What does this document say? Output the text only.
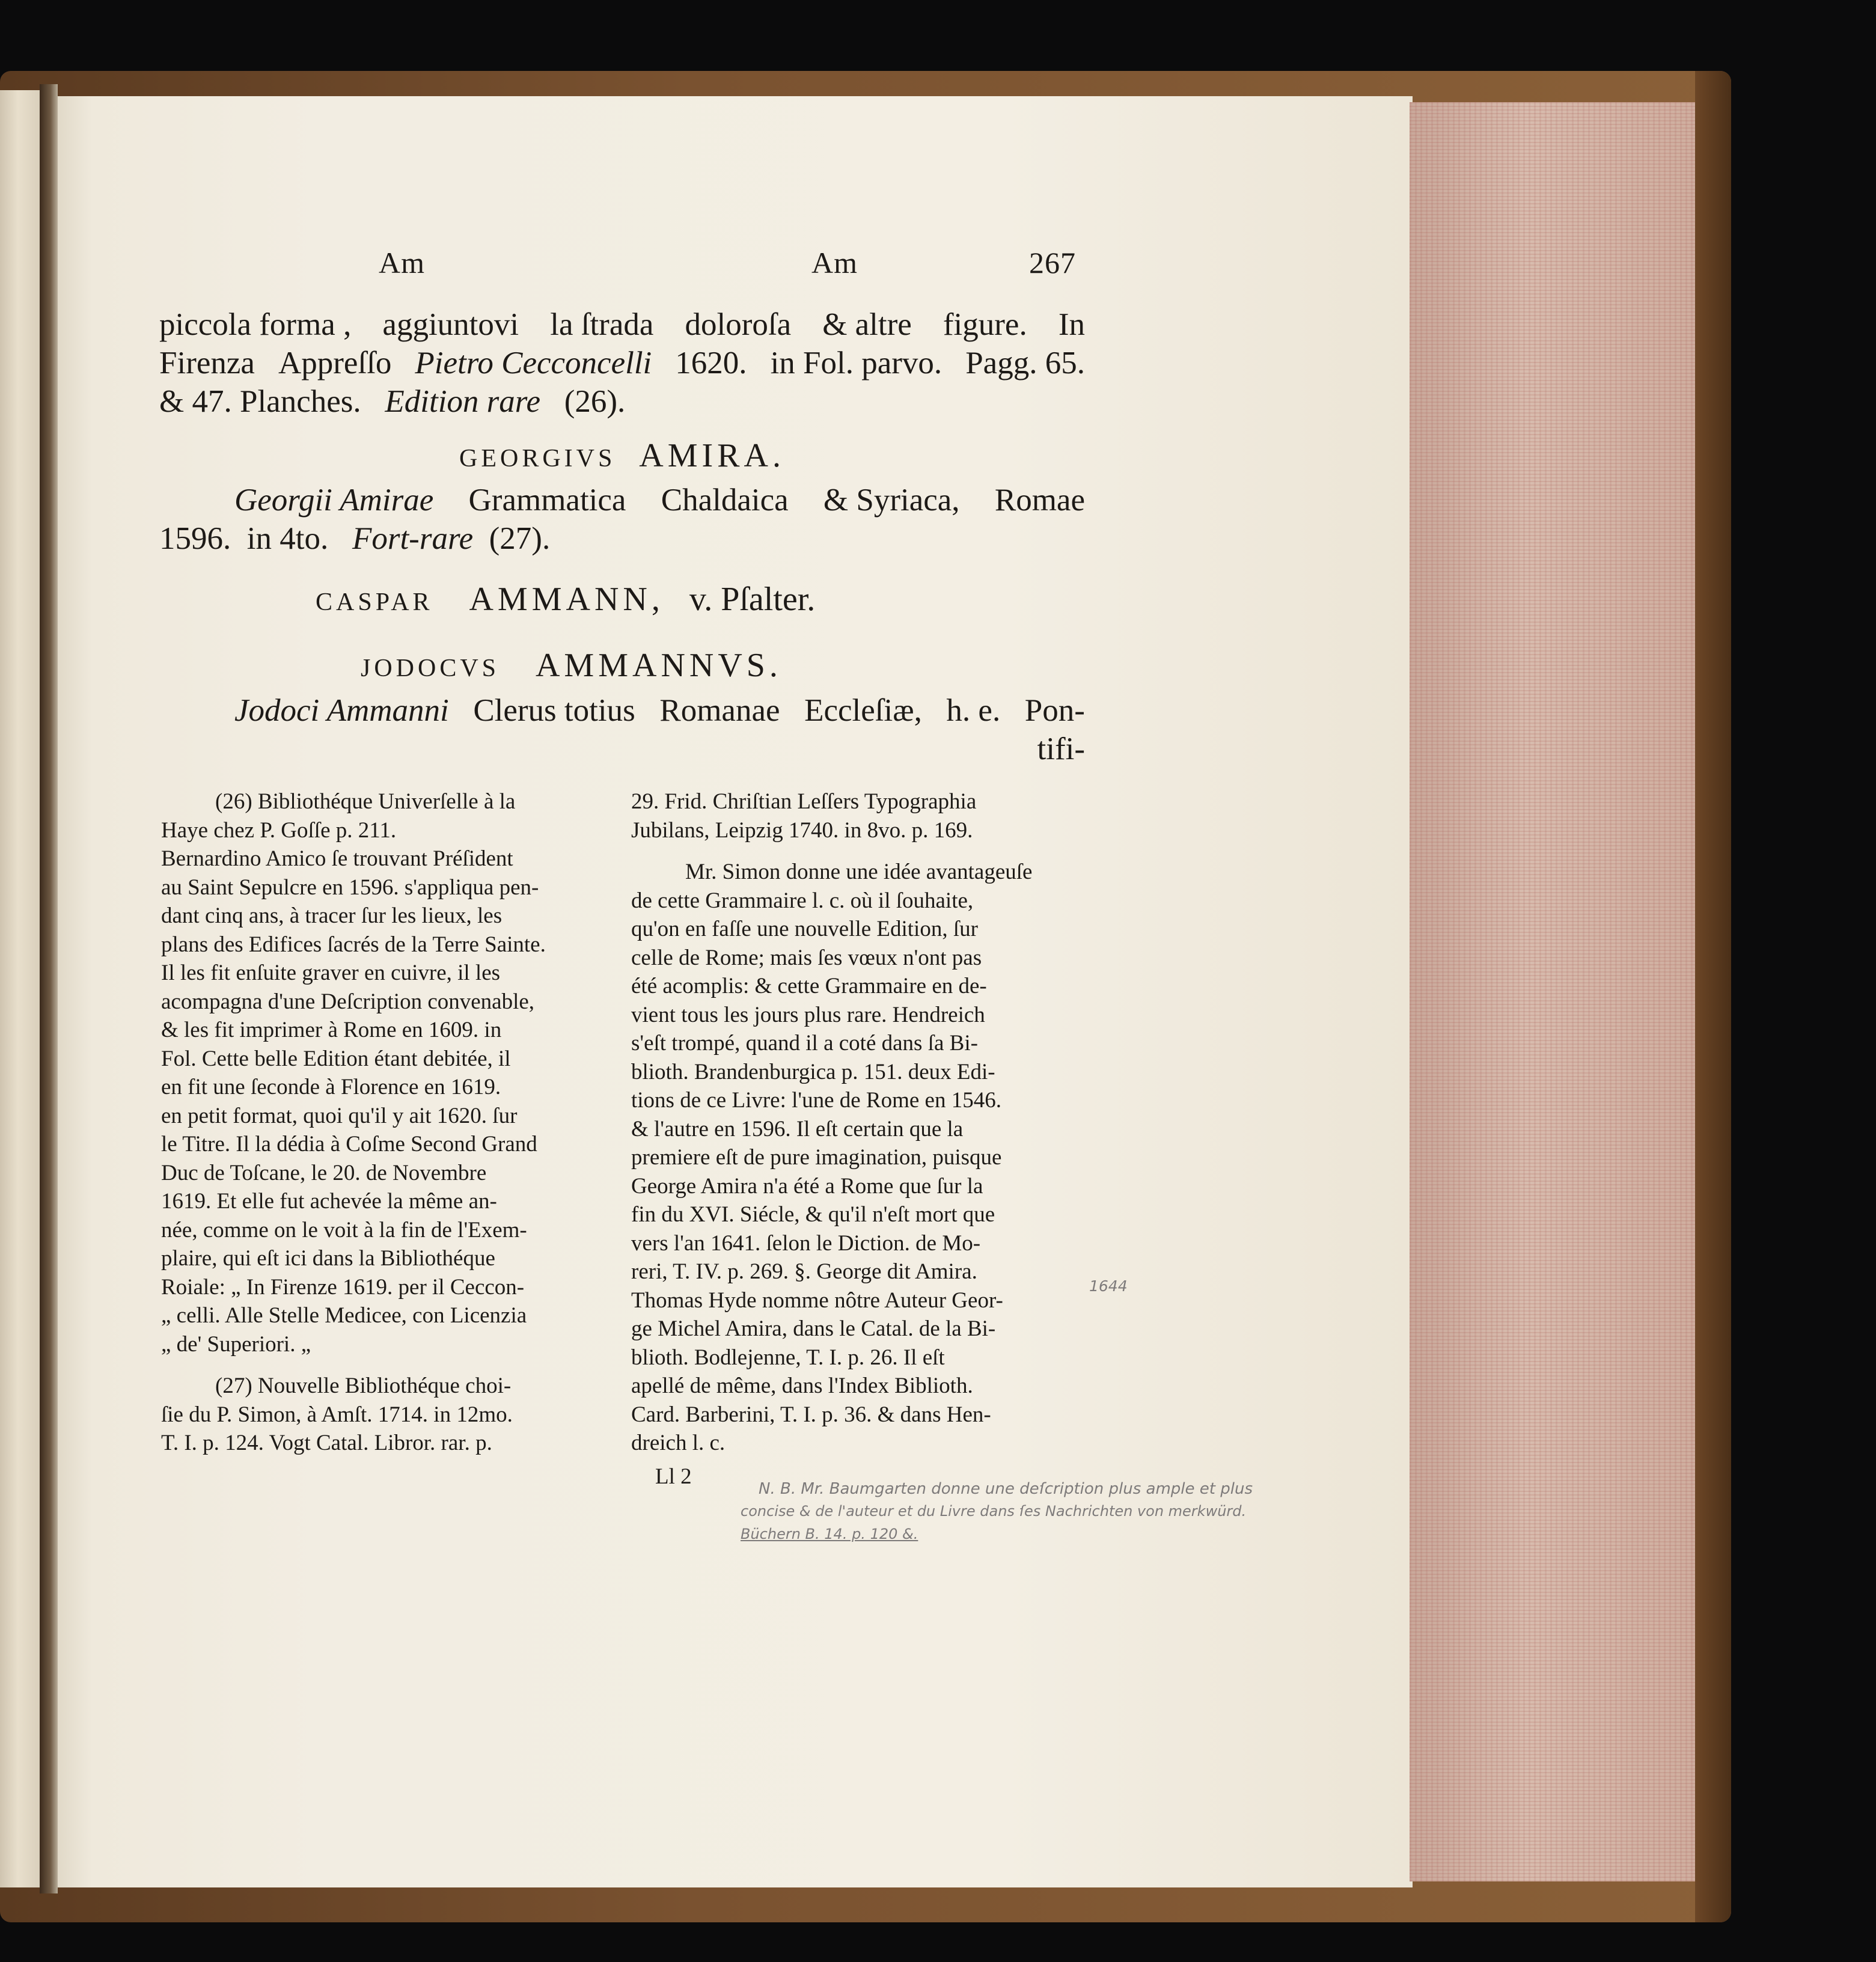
Am	Am	267
piccola forma , aggiuntovi la ſtrada doloroſa & altre figure. In
Firenza Appreſſo Pietro Cecconcelli 1620. in Fol. parvo. Pagg. 65.
& 47. Planches. Edition rare (26).
GEORGIVS AMIRA.
Georgii Amirae Grammatica Chaldaica & Syriaca, Romae
1596. in 4to. Fort-rare (27).
CASPAR AMMANN, v. Pſalter.
JODOCVS AMMANNVS.
Jodoci Ammanni Clerus totius Romanae Eccleſiæ, h. e. Pon-
tifi-
(26) Bibliothéque Univerſelle à la
Haye chez P. Goſſe p. 211.
Bernardino Amico ſe trouvant Préſident
au Saint Sepulcre en 1596. s'appliqua pen-
dant cinq ans, à tracer ſur les lieux, les
plans des Edifices ſacrés de la Terre Sainte.
Il les fit enſuite graver en cuivre, il les
acompagna d'une Deſcription convenable,
& les fit imprimer à Rome en 1609. in
Fol. Cette belle Edition étant debitée, il
en fit une ſeconde à Florence en 1619.
en petit format, quoi qu'il y ait 1620. ſur
le Titre. Il la dédia à Coſme Second Grand
Duc de Toſcane, le 20. de Novembre
1619. Et elle fut achevée la même an-
née, comme on le voit à la fin de l'Exem-
plaire, qui eſt ici dans la Bibliothéque
Roiale: „ In Firenze 1619. per il Ceccon-
„ celli. Alle Stelle Medicee, con Licenzia
„ de' Superiori. „
(27) Nouvelle Bibliothéque choi-
ſie du P. Simon, à Amſt. 1714. in 12mo.
T. I. p. 124. Vogt Catal. Libror. rar. p.
29. Frid. Chriſtian Leſſers Typographia
Jubilans, Leipzig 1740. in 8vo. p. 169.
Mr. Simon donne une idée avantageuſe
de cette Grammaire l. c. où il ſouhaite,
qu'on en faſſe une nouvelle Edition, ſur
celle de Rome; mais ſes vœux n'ont pas
été acomplis: & cette Grammaire en de-
vient tous les jours plus rare. Hendreich
s'eſt trompé, quand il a coté dans ſa Bi-
blioth. Brandenburgica p. 151. deux Edi-
tions de ce Livre: l'une de Rome en 1546.
& l'autre en 1596. Il eſt certain que la
premiere eſt de pure imagination, puisque
George Amira n'a été a Rome que ſur la
fin du XVI. Siécle, & qu'il n'eſt mort que
vers l'an 1641. ſelon le Diction. de Mo-
reri, T. IV. p. 269. §. George dit Amira.
Thomas Hyde nomme nôtre Auteur Geor-
ge Michel Amira, dans le Catal. de la Bi-
blioth. Bodlejenne, T. I. p. 26. Il eſt
apellé de même, dans l'Index Biblioth.
Card. Barberini, T. I. p. 36. & dans Hen-
dreich l. c.
Ll 2
1644
N. B. Mr. Baumgarten donne une deſcription plus ample et plus
concise & de l'auteur et du Livre dans ſes Nachrichten von merkwürd.
Büchern B. 14. p. 120 &.
